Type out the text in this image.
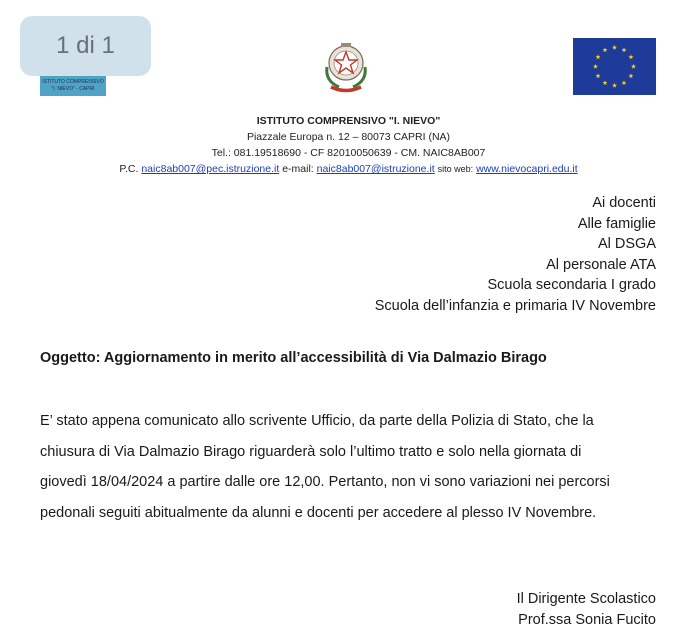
1 di 1
ISTITUTO COMPRENSIVO
"I. NIEVO" - CAPRI
ISTITUTO COMPRENSIVO "I. NIEVO"
Piazzale Europa n. 12 – 80073 CAPRI (NA)
Tel.: 081.19518690 - CF 82010050639 - CM. NAIC8AB007
P.C. naic8ab007@pec.istruzione.it e-mail: naic8ab007@istruzione.it sito web: www.nievocapri.edu.it
Ai docenti
Alle famiglie
Al DSGA
Al personale ATA
Scuola secondaria I grado
Scuola dell’infanzia e primaria IV Novembre
Oggetto: Aggiornamento in merito all’accessibilità di Via Dalmazio Birago
E’ stato appena comunicato allo scrivente Ufficio, da parte della Polizia di Stato, che la
chiusura di Via Dalmazio Birago riguarderà solo l’ultimo tratto e solo nella giornata di
giovedì 18/04/2024 a partire dalle ore 12,00. Pertanto, non vi sono variazioni nei percorsi
pedonali seguiti abitualmente da alunni e docenti per accedere al plesso IV Novembre.
Il Dirigente Scolastico
Prof.ssa Sonia Fucito
